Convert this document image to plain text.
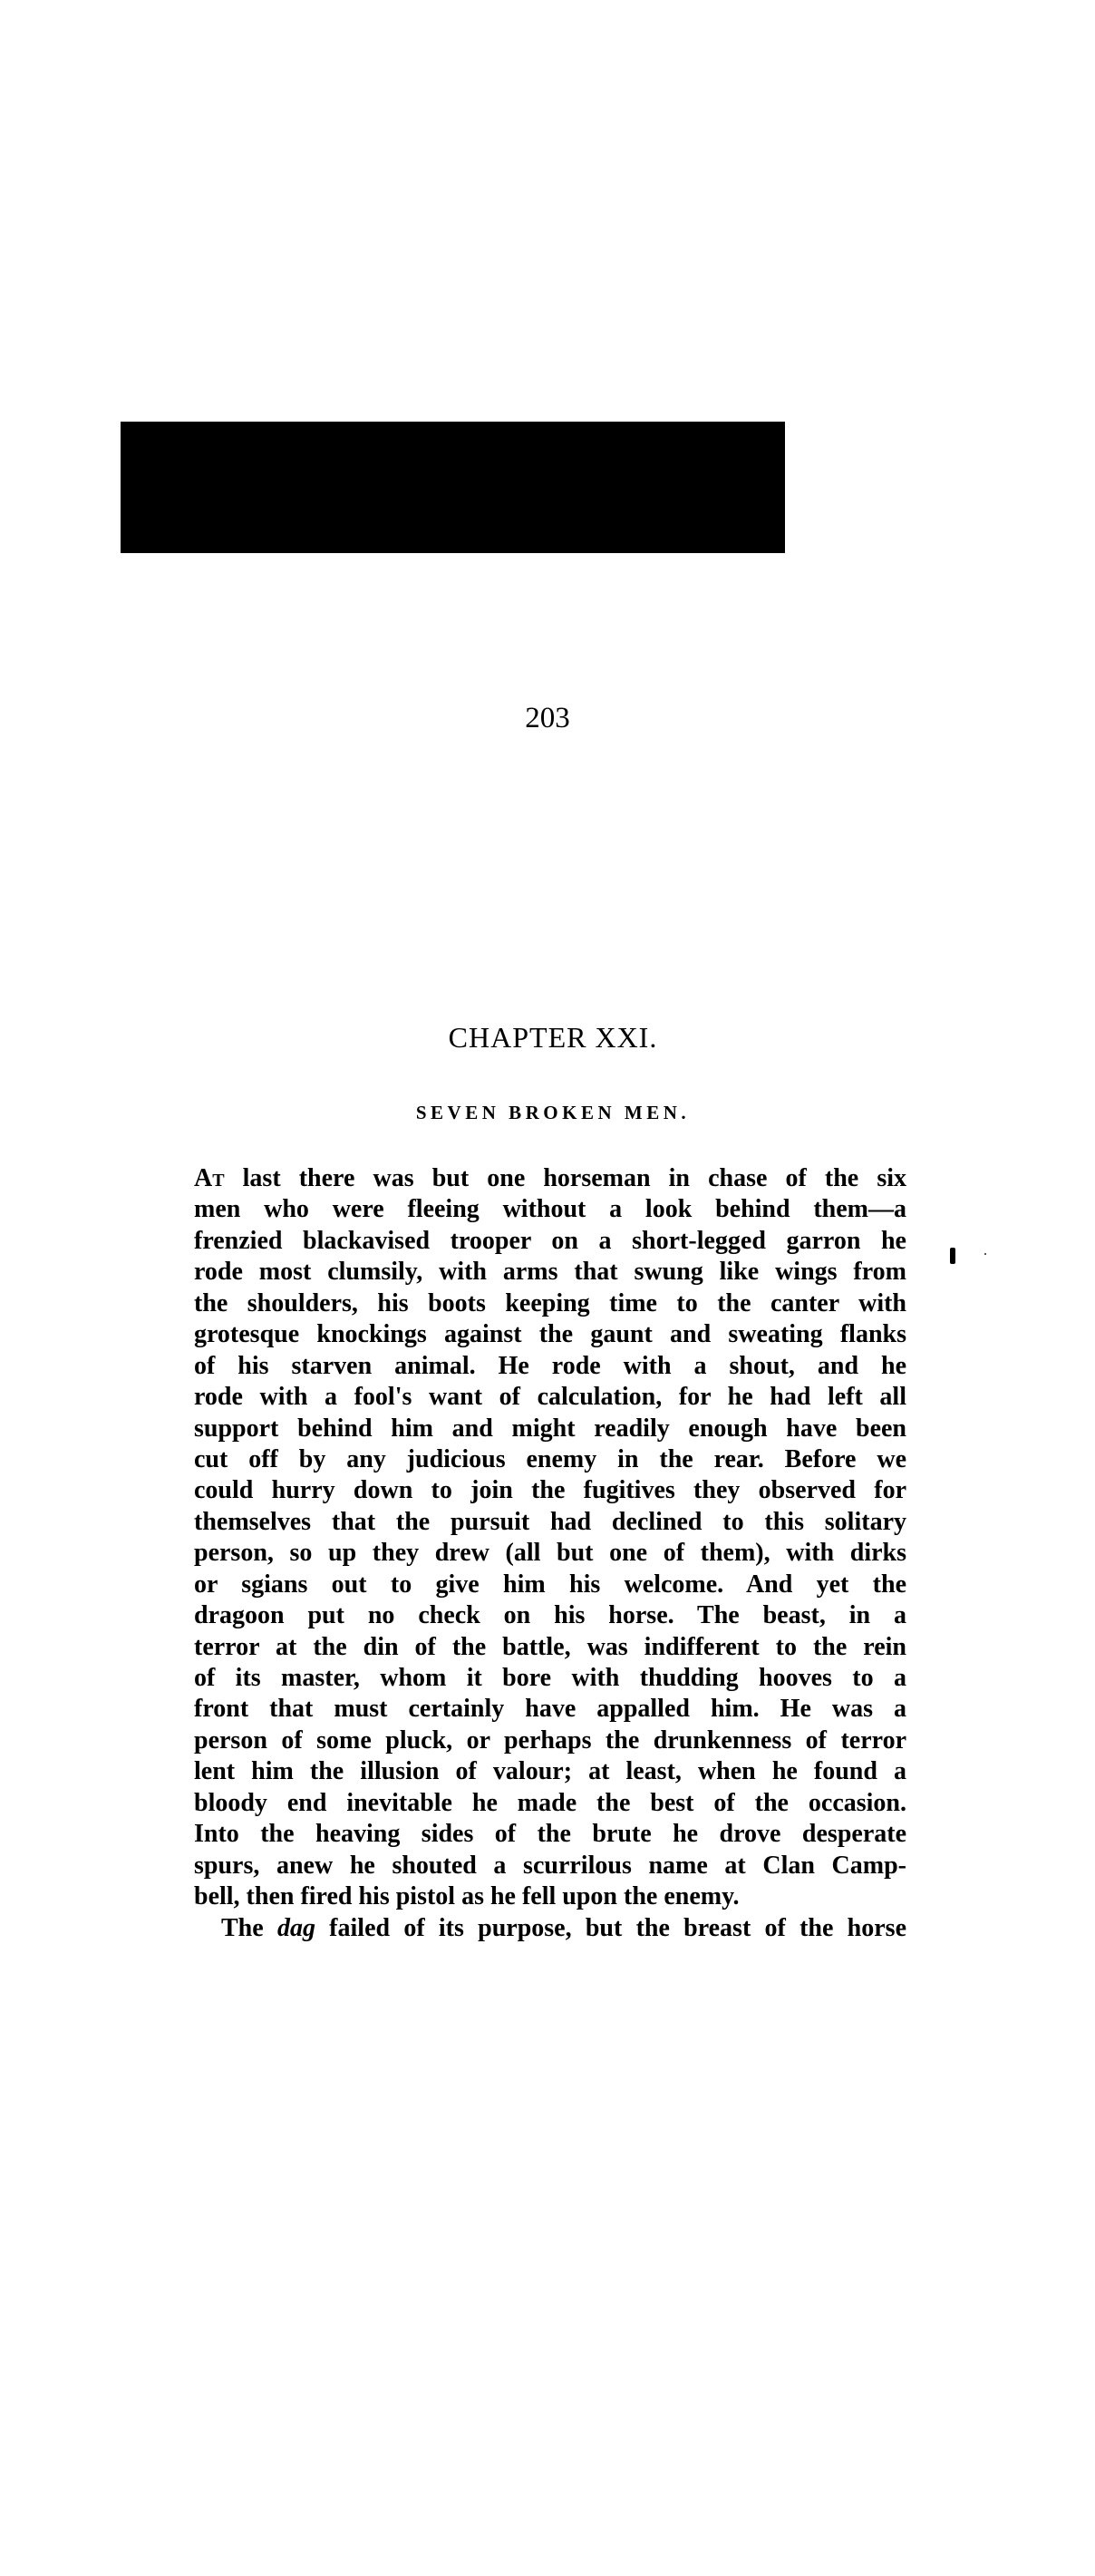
203
CHAPTER XXI.
SEVEN BROKEN MEN.
At last there was but one horseman in chase of the six
men who were fleeing without a look behind them—a
frenzied blackavised trooper on a short-legged garron he
rode most clumsily, with arms that swung like wings from
the shoulders, his boots keeping time to the canter with
grotesque knockings against the gaunt and sweating flanks
of his starven animal. He rode with a shout, and he
rode with a fool's want of calculation, for he had left all
support behind him and might readily enough have been
cut off by any judicious enemy in the rear. Before we
could hurry down to join the fugitives they observed for
themselves that the pursuit had declined to this solitary
person, so up they drew (all but one of them), with dirks
or sgians out to give him his welcome. And yet the
dragoon put no check on his horse. The beast, in a
terror at the din of the battle, was indifferent to the rein
of its master, whom it bore with thudding hooves to a
front that must certainly have appalled him. He was a
person of some pluck, or perhaps the drunkenness of terror
lent him the illusion of valour; at least, when he found a
bloody end inevitable he made the best of the occasion.
Into the heaving sides of the brute he drove desperate
spurs, anew he shouted a scurrilous name at Clan Camp-
bell, then fired his pistol as he fell upon the enemy.
The dag failed of its purpose, but the breast of the horse
